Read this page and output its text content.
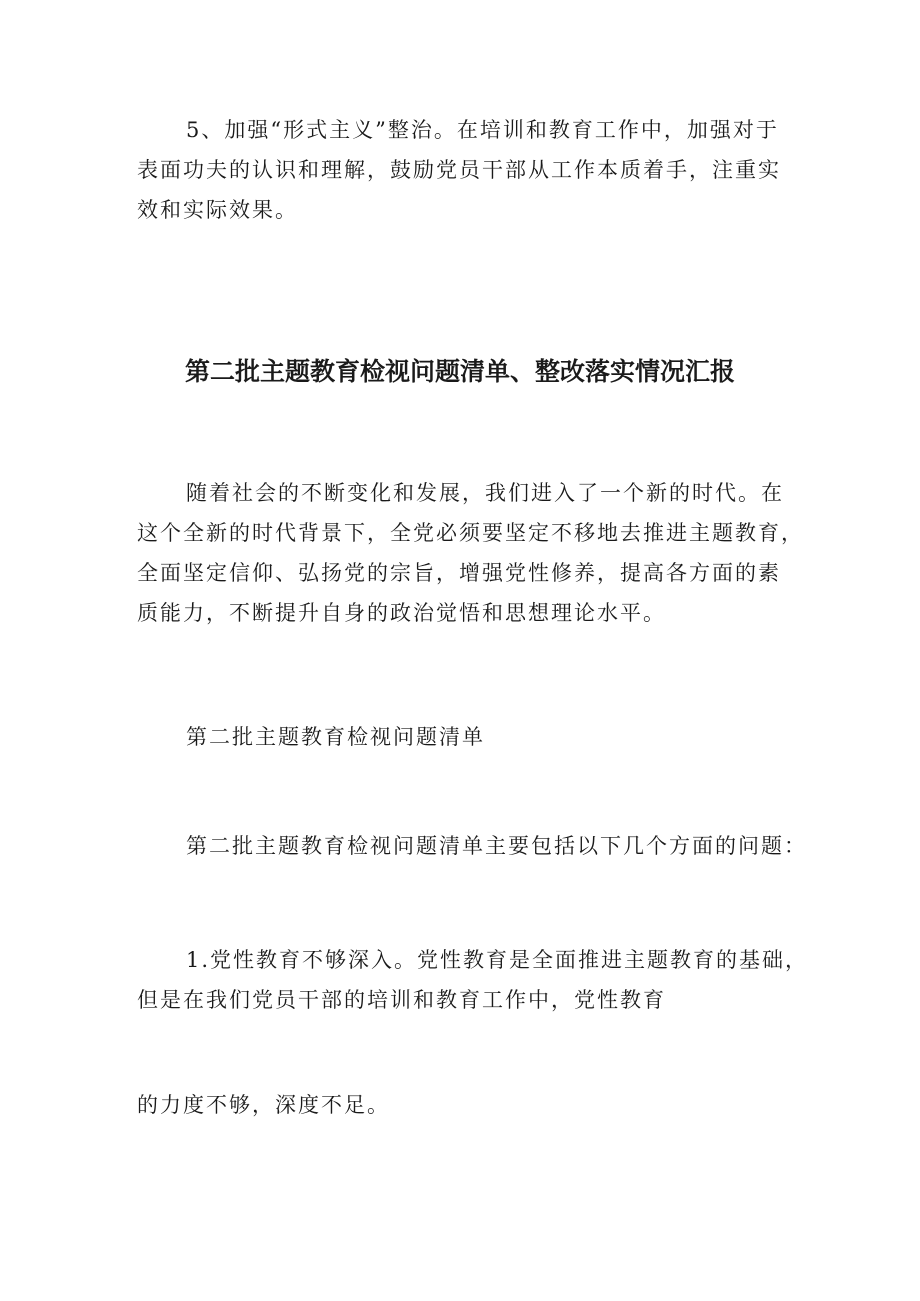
5、加强“形式主义”整治。在培训和教育工作中，加强对于
表面功夫的认识和理解，鼓励党员干部从工作本质着手，注重实
效和实际效果。

第二批主题教育检视问题清单、整改落实情况汇报

随着社会的不断变化和发展，我们进入了一个新的时代。在
这个全新的时代背景下，全党必须要坚定不移地去推进主题教育，
全面坚定信仰、弘扬党的宗旨，增强党性修养，提高各方面的素
质能力，不断提升自身的政治觉悟和思想理论水平。

第二批主题教育检视问题清单

第二批主题教育检视问题清单主要包括以下几个方面的问题：

1.党性教育不够深入。党性教育是全面推进主题教育的基础，
但是在我们党员干部的培训和教育工作中，党性教育

的力度不够，深度不足。
